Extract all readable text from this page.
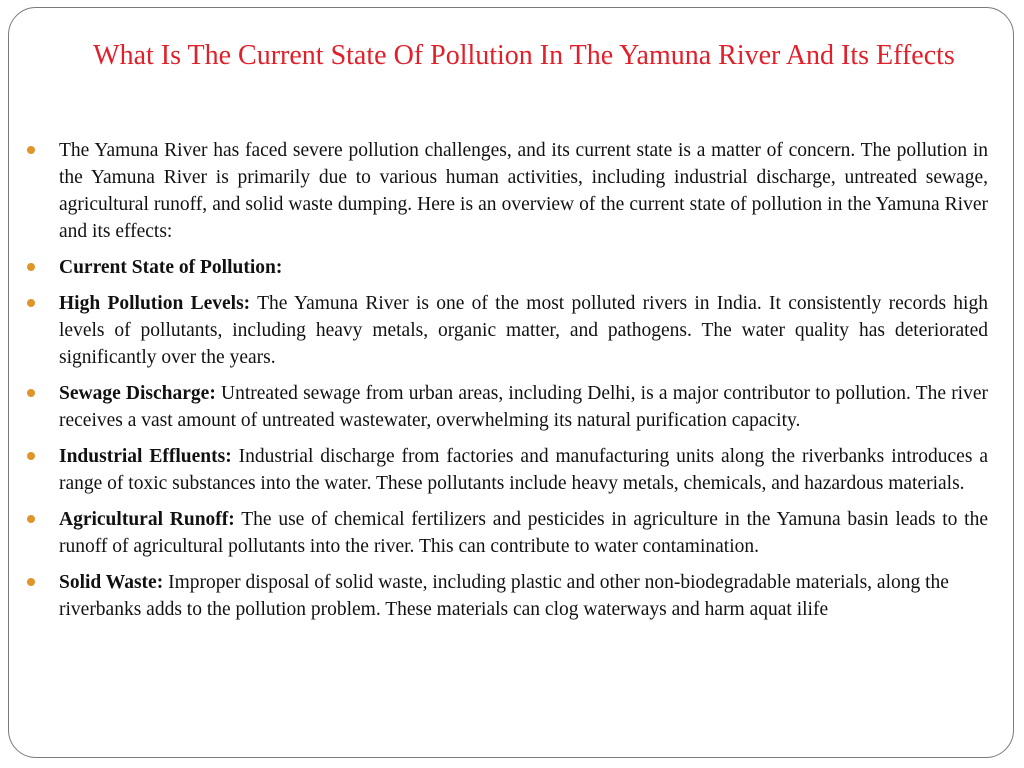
What Is The Current State Of Pollution In The Yamuna River And Its Effects
The Yamuna River has faced severe pollution challenges, and its current state is a matter of concern. The pollution in the Yamuna River is primarily due to various human activities, including industrial discharge, untreated sewage, agricultural runoff, and solid waste dumping. Here is an overview of the current state of pollution in the Yamuna River and its effects:
Current State of Pollution:
High Pollution Levels: The Yamuna River is one of the most polluted rivers in India. It consistently records high levels of pollutants, including heavy metals, organic matter, and pathogens. The water quality has deteriorated significantly over the years.
Sewage Discharge: Untreated sewage from urban areas, including Delhi, is a major contributor to pollution. The river receives a vast amount of untreated wastewater, overwhelming its natural purification capacity.
Industrial Effluents: Industrial discharge from factories and manufacturing units along the riverbanks introduces a range of toxic substances into the water. These pollutants include heavy metals, chemicals, and hazardous materials.
Agricultural Runoff: The use of chemical fertilizers and pesticides in agriculture in the Yamuna basin leads to the runoff of agricultural pollutants into the river. This can contribute to water contamination.
Solid Waste: Improper disposal of solid waste, including plastic and other non-biodegradable materials, along the riverbanks adds to the pollution problem. These materials can clog waterways and harm aquat ilife
